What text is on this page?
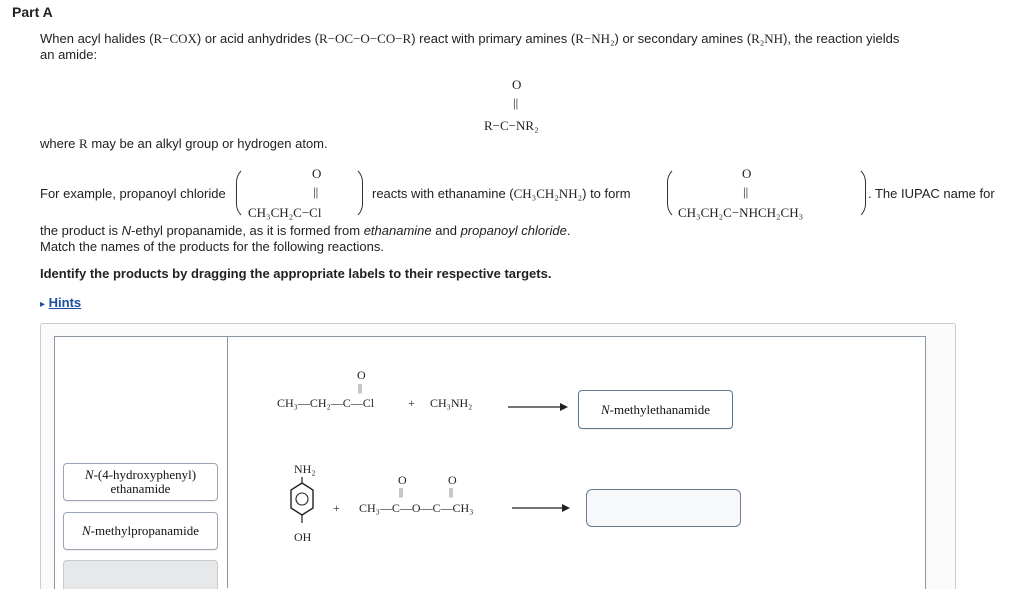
Part A
When acyl halides (R−COX) or acid anhydrides (R−OC−O−CO−R) react with primary amines (R−NH₂) or secondary amines (R₂NH), the reaction yields
an amide:
O
||
R−C−NR₂
where R may be an alkyl group or hydrogen atom.
For example, propanoyl chloride
O
||
CH₃CH₂C−Cl
reacts with ethanamine (CH₃CH₂NH₂) to form
O
||
CH₃CH₂C−NHCH₂CH₃
. The IUPAC name for
the product is N-ethyl propanamide, as it is formed from ethanamine and propanoyl chloride.
Match the names of the products for the following reactions.
Identify the products by dragging the appropriate labels to their respective targets.
▸ Hints
N-(4-hydroxyphenyl)
ethanamide
N-methylpropanamide
O
||
CH₃—CH₂—C—Cl	+ CH₃NH₂	N-methylethanamide
NH₂
OH
+
O
||
O
||
CH₃—C—O—C—CH₃
